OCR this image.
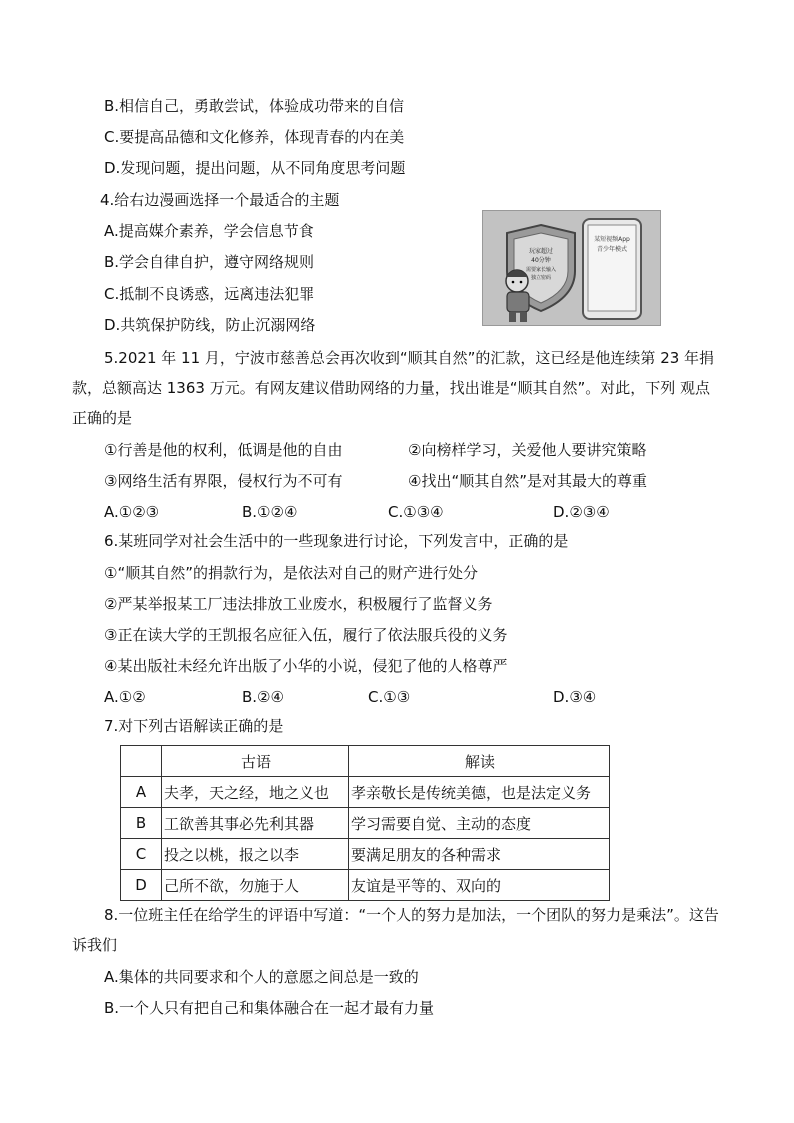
B.相信自己，勇敢尝试，体验成功带来的自信
C.要提高品德和文化修养，体现青春的内在美
D.发现问题，提出问题，从不同角度思考问题
4.给右边漫画选择一个最适合的主题
A.提高媒介素养，学会信息节食
B.学会自律自护，遵守网络规则
C.抵制不良诱惑，远离违法犯罪
D.共筑保护防线，防止沉溺网络
某短视频App
青少年模式
玩家超过
40分钟
需要家长输入
独立密码
5.2021 年 11 月，宁波市慈善总会再次收到“顺其自然”的汇款，这已经是他连续第 23 年捐 款，总额高达 1363 万元。有网友建议借助网络的力量，找出谁是“顺其自然”。对此，下列 观点正确的是
①行善是他的权利，低调是他的自由	②向榜样学习，关爱他人要讲究策略
③网络生活有界限，侵权行为不可有	④找出“顺其自然”是对其最大的尊重
A.①②③	B.①②④	C.①③④	D.②③④
6.某班同学对社会生活中的一些现象进行讨论，下列发言中，正确的是
①“顺其自然”的捐款行为，是依法对自己的财产进行处分
②严某举报某工厂违法排放工业废水，积极履行了监督义务
③正在读大学的王凯报名应征入伍，履行了依法服兵役的义务
④某出版社未经允许出版了小华的小说，侵犯了他的人格尊严
A.①②	B.②④	C.①③	D.③④
7.对下列古语解读正确的是
	古语	解读
A	夫孝，天之经，地之义也	孝亲敬长是传统美德，也是法定义务
B	工欲善其事必先利其器	学习需要自觉、主动的态度
C	投之以桃，报之以李	要满足朋友的各种需求
D	己所不欲，勿施于人	友谊是平等的、双向的
8.一位班主任在给学生的评语中写道：“一个人的努力是加法，一个团队的努力是乘法”。这告诉我们
A.集体的共同要求和个人的意愿之间总是一致的
B.一个人只有把自己和集体融合在一起才最有力量
